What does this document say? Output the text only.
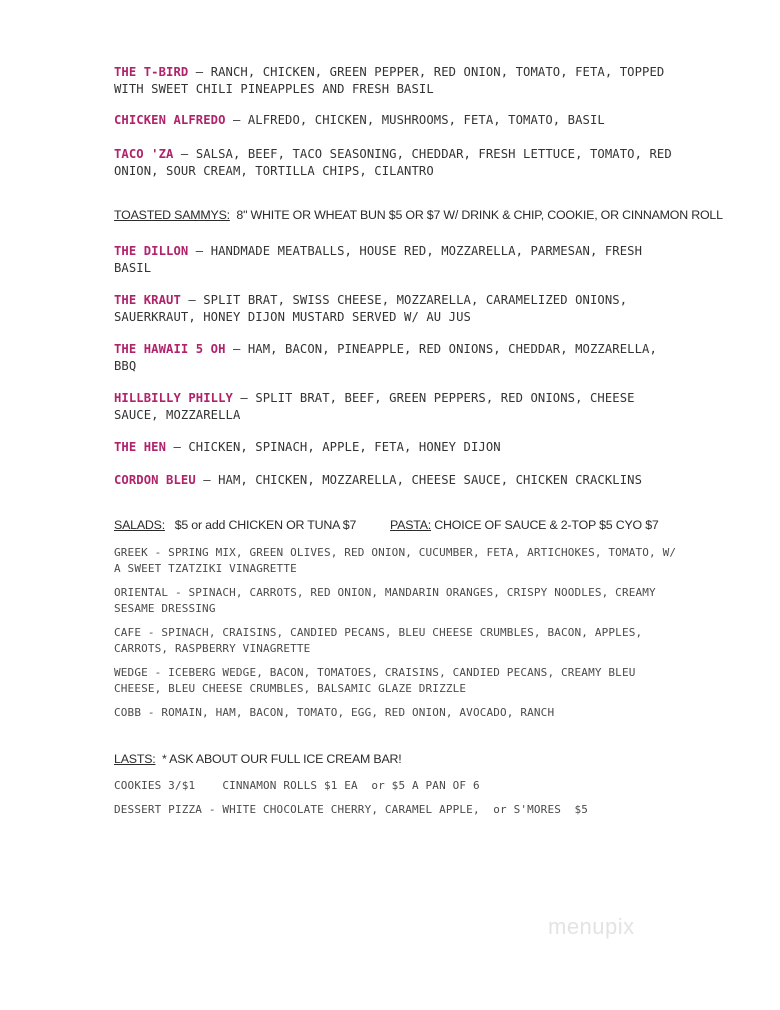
THE T-BIRD — RANCH, CHICKEN, GREEN PEPPER, RED ONION, TOMATO, FETA, TOPPED WITH SWEET CHILI PINEAPPLES AND FRESH BASIL
CHICKEN ALFREDO — ALFREDO, CHICKEN, MUSHROOMS, FETA, TOMATO, BASIL
TACO 'ZA — SALSA, BEEF, TACO SEASONING, CHEDDAR, FRESH LETTUCE, TOMATO, RED ONION, SOUR CREAM, TORTILLA CHIPS, CILANTRO
TOASTED SAMMYS: 8" WHITE OR WHEAT BUN $5 OR $7 W/ DRINK & CHIP, COOKIE, OR CINNAMON ROLL
THE DILLON — HANDMADE MEATBALLS, HOUSE RED, MOZZARELLA, PARMESAN, FRESH BASIL
THE KRAUT — SPLIT BRAT, SWISS CHEESE, MOZZARELLA, CARAMELIZED ONIONS, SAUERKRAUT, HONEY DIJON MUSTARD SERVED W/ AU JUS
THE HAWAII 5 OH — HAM, BACON, PINEAPPLE, RED ONIONS, CHEDDAR, MOZZARELLA, BBQ
HILLBILLY PHILLY — SPLIT BRAT, BEEF, GREEN PEPPERS, RED ONIONS, CHEESE SAUCE, MOZZARELLA
THE HEN — CHICKEN, SPINACH, APPLE, FETA, HONEY DIJON
CORDON BLEU — HAM, CHICKEN, MOZZARELLA, CHEESE SAUCE, CHICKEN CRACKLINS
SALADS: $5 or add CHICKEN OR TUNA $7	PASTA: CHOICE OF SAUCE & 2-TOP $5 CYO $7
GREEK - SPRING MIX, GREEN OLIVES, RED ONION, CUCUMBER, FETA, ARTICHOKES, TOMATO, W/ A SWEET TZATZIKI VINAGRETTE
ORIENTAL - SPINACH, CARROTS, RED ONION, MANDARIN ORANGES, CRISPY NOODLES, CREAMY SESAME DRESSING
CAFE - SPINACH, CRAISINS, CANDIED PECANS, BLEU CHEESE CRUMBLES, BACON, APPLES, CARROTS, RASPBERRY VINAGRETTE
WEDGE - ICEBERG WEDGE, BACON, TOMATOES, CRAISINS, CANDIED PECANS, CREAMY BLEU CHEESE, BLEU CHEESE CRUMBLES, BALSAMIC GLAZE DRIZZLE
COBB - ROMAIN, HAM, BACON, TOMATO, EGG, RED ONION, AVOCADO, RANCH
LASTS: * ASK ABOUT OUR FULL ICE CREAM BAR!
COOKIES 3/$1    CINNAMON ROLLS $1 EA  or $5 A PAN OF 6
DESSERT PIZZA - WHITE CHOCOLATE CHERRY, CARAMEL APPLE,  or S'MORES  $5
menupix
